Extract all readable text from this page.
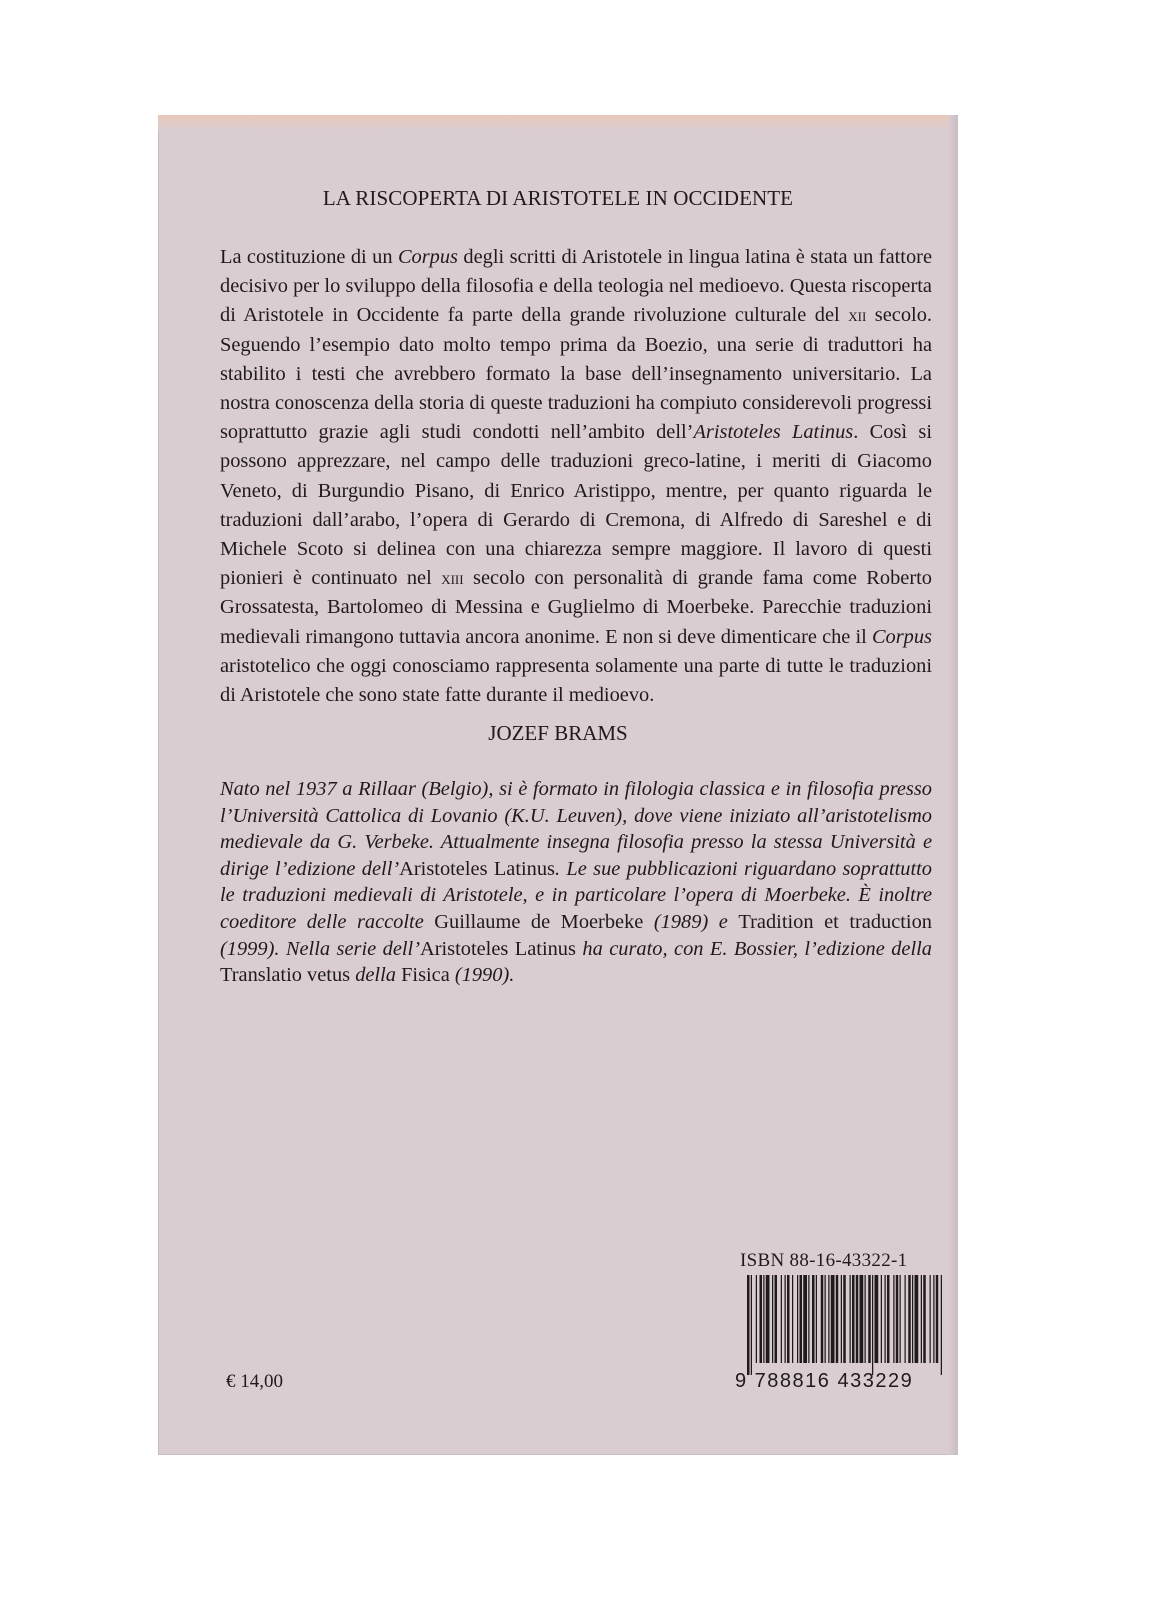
LA RISCOPERTA DI ARISTOTELE IN OCCIDENTE

La costituzione di un Corpus degli scritti di Aristotele in lingua latina è stata un fattore decisivo per lo sviluppo della filosofia e della teologia nel medioevo. Questa riscoperta di Aristotele in Occidente fa parte della grande rivoluzione culturale del xii secolo. Seguendo l’esempio dato molto tempo prima da Boezio, una serie di traduttori ha stabilito i testi che avrebbero formato la base dell’insegnamento universitario. La nostra conoscenza della storia di queste traduzioni ha compiuto considerevoli progressi soprattutto grazie agli studi condotti nell’ambito dell’Aristoteles Latinus. Così si possono apprezzare, nel campo delle traduzioni greco-latine, i meriti di Giacomo Veneto, di Burgundio Pisano, di Enrico Aristippo, mentre, per quanto riguarda le traduzioni dall’arabo, l’opera di Gerardo di Cremona, di Alfredo di Sareshel e di Michele Scoto si delinea con una chiarezza sempre maggiore. Il lavoro di questi pionieri è continuato nel xiii secolo con personalità di grande fama come Roberto Grossatesta, Bartolomeo di Messina e Guglielmo di Moerbeke. Parecchie traduzioni medievali rimangono tuttavia ancora anonime. E non si deve dimenticare che il Corpus aristotelico che oggi conosciamo rappresenta solamente una parte di tutte le traduzioni di Aristotele che sono state fatte durante il medioevo.

JOZEF BRAMS

Nato nel 1937 a Rillaar (Belgio), si è formato in filologia classica e in filosofia presso l’Università Cattolica di Lovanio (K.U. Leuven), dove viene iniziato all’aristotelismo medievale da G. Verbeke. Attualmente insegna filosofia presso la stessa Università e dirige l’edizione dell’Aristoteles Latinus. Le sue pubblicazioni riguardano soprattutto le traduzioni medievali di Aristotele, e in particolare l’opera di Moerbeke. È inoltre coeditore delle raccolte Guillaume de Moerbeke (1989) e Tradition et traduction (1999). Nella serie dell’Aristoteles Latinus ha curato, con E. Bossier, l’edizione della Translatio vetus della Fisica (1990).

ISBN 88-16-43322-1
9 788816 433229
€ 14,00
